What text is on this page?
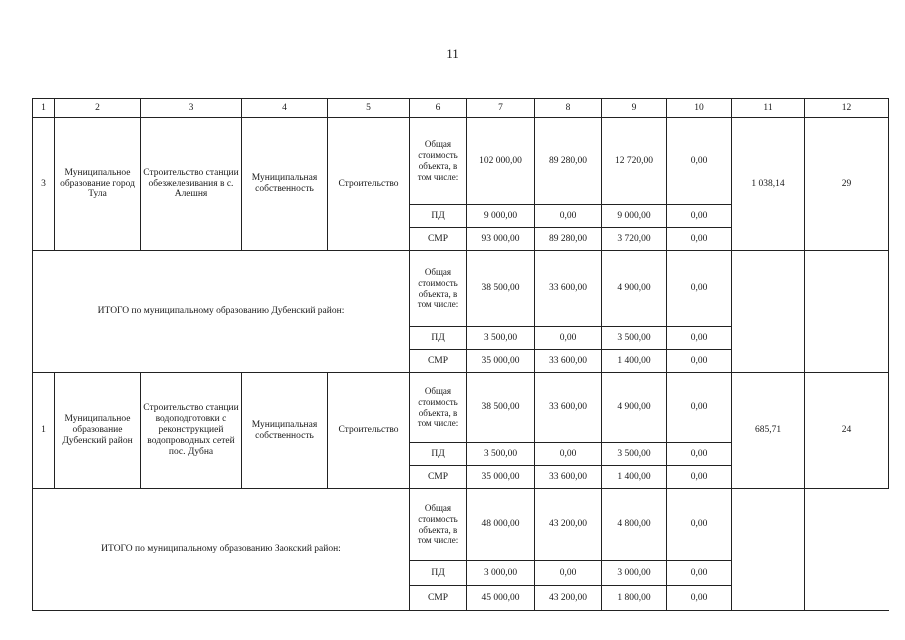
11
1	2	3	4	5	6	7	8	9	10	11	12
3	Муниципальное образование город Тула	Строительство станции обезжелезивания в с. Алешня	Муниципальная собственность	Строительство	Общая стоимость объекта, в том числе:	102 000,00	89 280,00	12 720,00	0,00	1 038,14	29
					ПД	9 000,00	0,00	9 000,00	0,00		
					СМР	93 000,00	89 280,00	3 720,00	0,00		
ИТОГО по муниципальному образованию Дубенский район:					Общая стоимость объекта, в том числе:	38 500,00	33 600,00	4 900,00	0,00		
					ПД	3 500,00	0,00	3 500,00	0,00		
					СМР	35 000,00	33 600,00	1 400,00	0,00		
1	Муниципальное образование Дубенский район	Строительство станции водоподготовки с реконструкцией водопроводных сетей пос. Дубна	Муниципальная собственность	Строительство	Общая стоимость объекта, в том числе:	38 500,00	33 600,00	4 900,00	0,00	685,71	24
					ПД	3 500,00	0,00	3 500,00	0,00		
					СМР	35 000,00	33 600,00	1 400,00	0,00		
ИТОГО по муниципальному образованию Заокский район:					Общая стоимость объекта, в том числе:	48 000,00	43 200,00	4 800,00	0,00		
					ПД	3 000,00	0,00	3 000,00	0,00		
					СМР	45 000,00	43 200,00	1 800,00	0,00		
